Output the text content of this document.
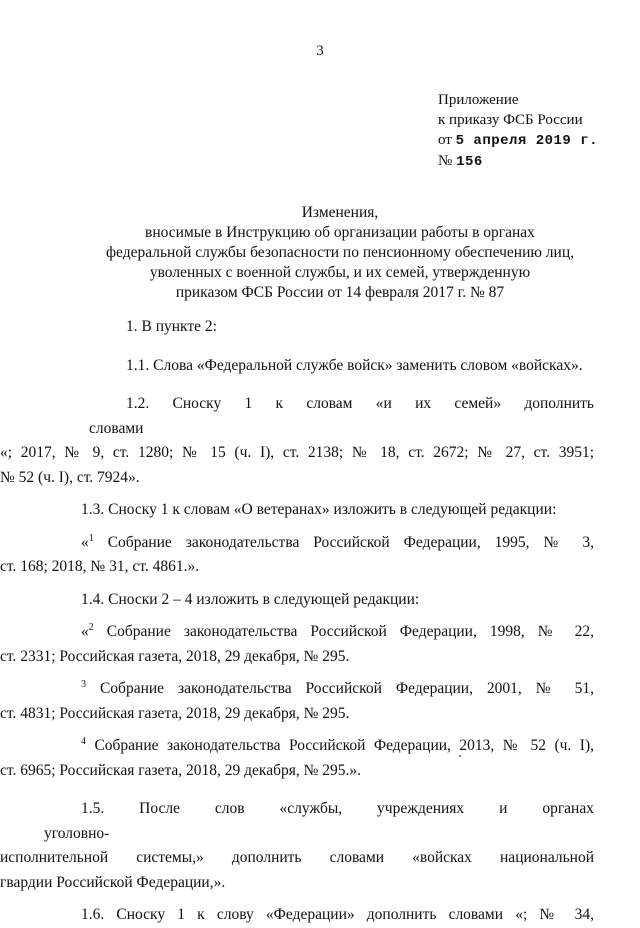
3
Приложение
к приказу ФСБ России
от 5 апреля 2019 г.
№ 156
Изменения,
вносимые в Инструкцию об организации работы в органах
федеральной службы безопасности по пенсионному обеспечению лиц,
уволенных с военной службы, и их семей, утвержденную
приказом ФСБ России от 14 февраля 2017 г. № 87

1. В пункте 2:

1.1. Слова «Федеральной службе войск» заменить словом «войсках».

1.2. Сноску 1 к словам «и их семей» дополнить словами

«; 2017, № 9, ст. 1280; № 15 (ч. I), ст. 2138; № 18, ст. 2672; № 27, ст. 3951;

№ 52 (ч. I), ст. 7924».

1.3. Сноску 1 к словам «О ветеранах» изложить в следующей редакции:

«$^1$ Собрание законодательства Российской Федерации, 1995, № 3,

ст. 168; 2018, № 31, ст. 4861.».

1.4. Сноски 2 – 4 изложить в следующей редакции:

«$^2$ Собрание законодательства Российской Федерации, 1998, № 22,

ст. 2331; Российская газета, 2018, 29 декабря, № 295.

$^3$ Собрание законодательства Российской Федерации, 2001, № 51,

ст. 4831; Российская газета, 2018, 29 декабря, № 295.

$^4$ Собрание законодательства Российской Федерации, 2013, № 52 (ч. I),

ст. 6965; Российская газета, 2018, 29 декабря, № 295.».

1.5. После слов «службы, учреждениях и органах уголовно-

исполнительной системы,» дополнить словами «войсках национальной

гвардии Российской Федерации,».

1.6. Сноску 1 к слову «Федерации» дополнить словами «; № 34,
